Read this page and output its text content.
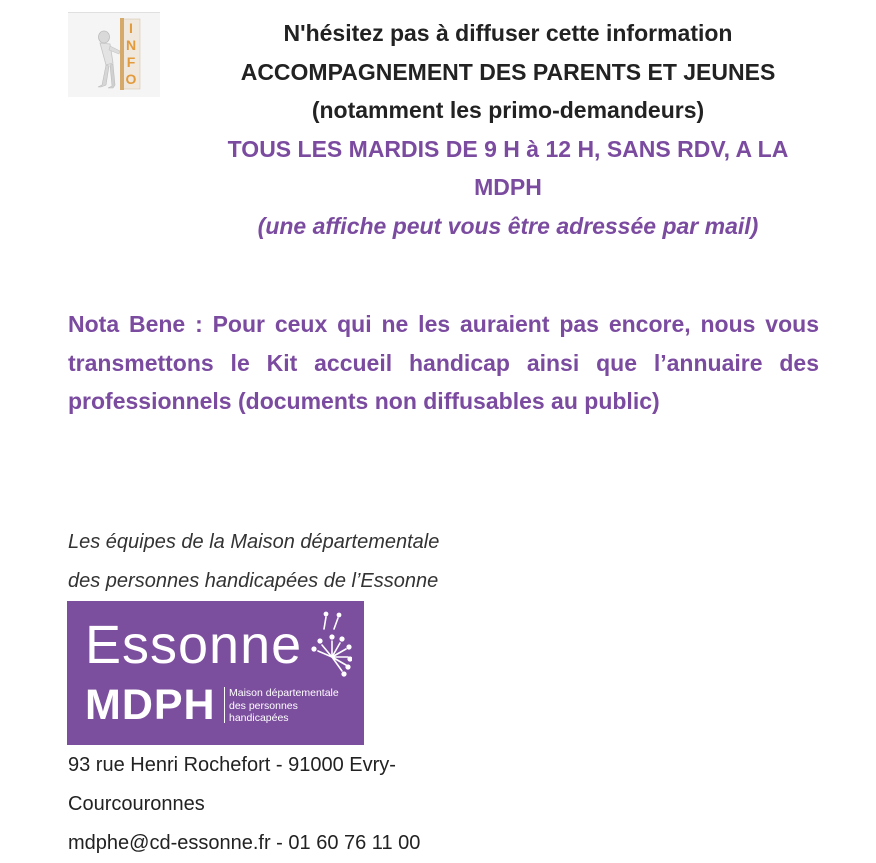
I
N
F
O
N'hésitez pas à diffuser cette information
ACCOMPAGNEMENT DES PARENTS ET JEUNES
(notamment les primo-demandeurs)
TOUS LES MARDIS DE 9 H à 12 H, SANS RDV, A LA
MDPH
(une affiche peut vous être adressée par mail)
Nota Bene : Pour ceux qui ne les auraient pas encore, nous vous transmettons le Kit accueil handicap ainsi que l’annuaire des professionnels (documents non diffusables au public)
Les équipes de la Maison départementale
des personnes handicapées de l’Essonne
Essonne
MDPH Maison départementale
des personnes
handicapées
93 rue Henri Rochefort - 91000 Evry-
Courcouronnes
mdphe@cd-essonne.fr - 01 60 76 11 00
